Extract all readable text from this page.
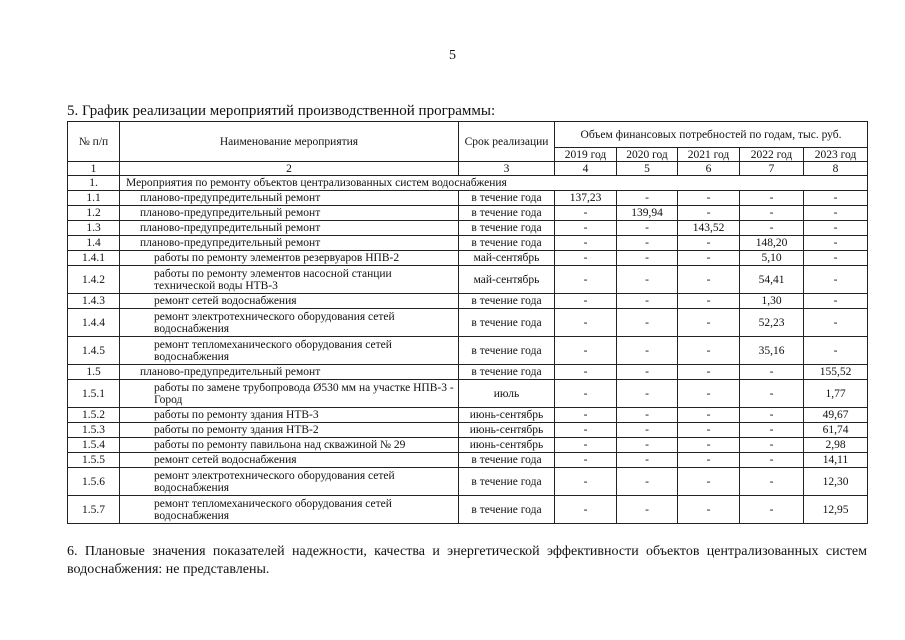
5
5. График реализации мероприятий производственной программы:
№ п/п	Наименование мероприятия	Срок реализации	Объем финансовых потребностей по годам, тыс. руб.				
			2019 год	2020 год	2021 год	2022 год	2023 год
1	2	3	4	5	6	7	8
1.	Мероприятия по ремонту объектов централизованных систем водоснабжения						
1.1	планово-предупредительный ремонт	в течение года	137,23	-	-	-	-
1.2	планово-предупредительный ремонт	в течение года	-	139,94	-	-	-
1.3	планово-предупредительный ремонт	в течение года	-	-	143,52	-	-
1.4	планово-предупредительный ремонт	в течение года	-	-	-	148,20	-
1.4.1	работы по ремонту элементов резервуаров НПВ-2	май-сентябрь	-	-	-	5,10	-
1.4.2	работы по ремонту элементов насосной станции технической воды НТВ-3	май-сентябрь	-	-	-	54,41	-
1.4.3	ремонт сетей водоснабжения	в течение года	-	-	-	1,30	-
1.4.4	ремонт электротехнического оборудования сетей водоснабжения	в течение года	-	-	-	52,23	-
1.4.5	ремонт тепломеханического оборудования сетей водоснабжения	в течение года	-	-	-	35,16	-
1.5	планово-предупредительный ремонт	в течение года	-	-	-	-	155,52
1.5.1	работы по замене трубопровода Ø530 мм на участке НПВ-3 - Город	июль	-	-	-	-	1,77
1.5.2	работы по ремонту здания НТВ-3	июнь-сентябрь	-	-	-	-	49,67
1.5.3	работы по ремонту здания НТВ-2	июнь-сентябрь	-	-	-	-	61,74
1.5.4	работы по ремонту павильона над скважиной № 29	июнь-сентябрь	-	-	-	-	2,98
1.5.5	ремонт сетей водоснабжения	в течение года	-	-	-	-	14,11
1.5.6	ремонт электротехнического оборудования сетей водоснабжения	в течение года	-	-	-	-	12,30
1.5.7	ремонт тепломеханического оборудования сетей водоснабжения	в течение года	-	-	-	-	12,95
6. Плановые значения показателей надежности, качества и энергетической эффективности объектов централизованных систем водоснабжения: не представлены.
